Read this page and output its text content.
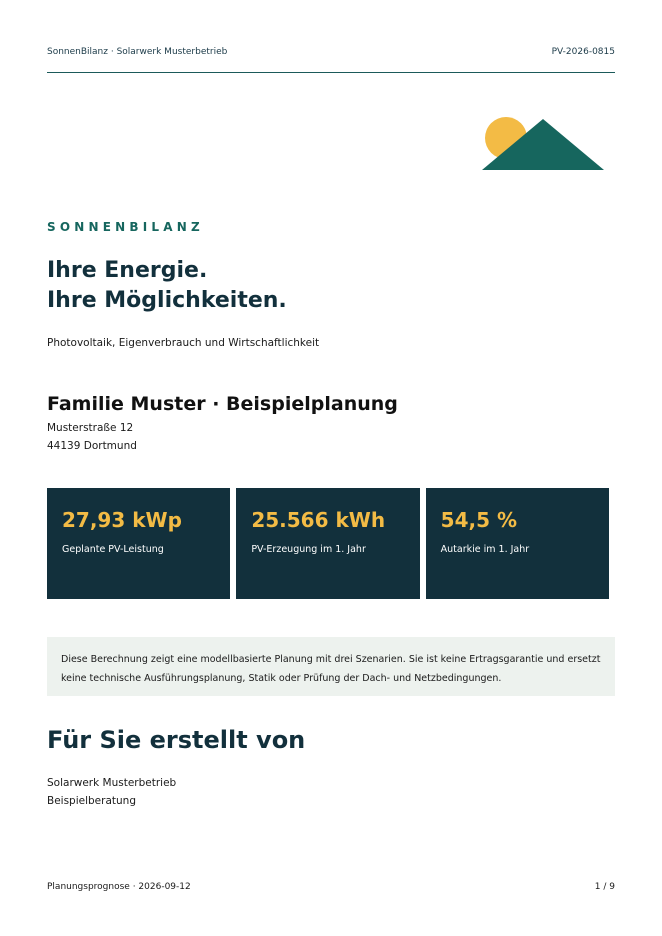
SonnenBilanz · Solarwerk Musterbetrieb	PV-2026-0815
SONNENBILANZ
Ihre Energie.
Ihre Möglichkeiten.
Photovoltaik, Eigenverbrauch und Wirtschaftlichkeit
Familie Muster · Beispielplanung
Musterstraße 12
44139 Dortmund
27,93 kWp
Geplante PV-Leistung
25.566 kWh
PV-Erzeugung im 1. Jahr
54,5 %
Autarkie im 1. Jahr
Diese Berechnung zeigt eine modellbasierte Planung mit drei Szenarien. Sie ist keine Ertragsgarantie und ersetzt
keine technische Ausführungsplanung, Statik oder Prüfung der Dach- und Netzbedingungen.
Für Sie erstellt von
Solarwerk Musterbetrieb
Beispielberatung
Planungsprognose · 2026-09-12	1 / 9
